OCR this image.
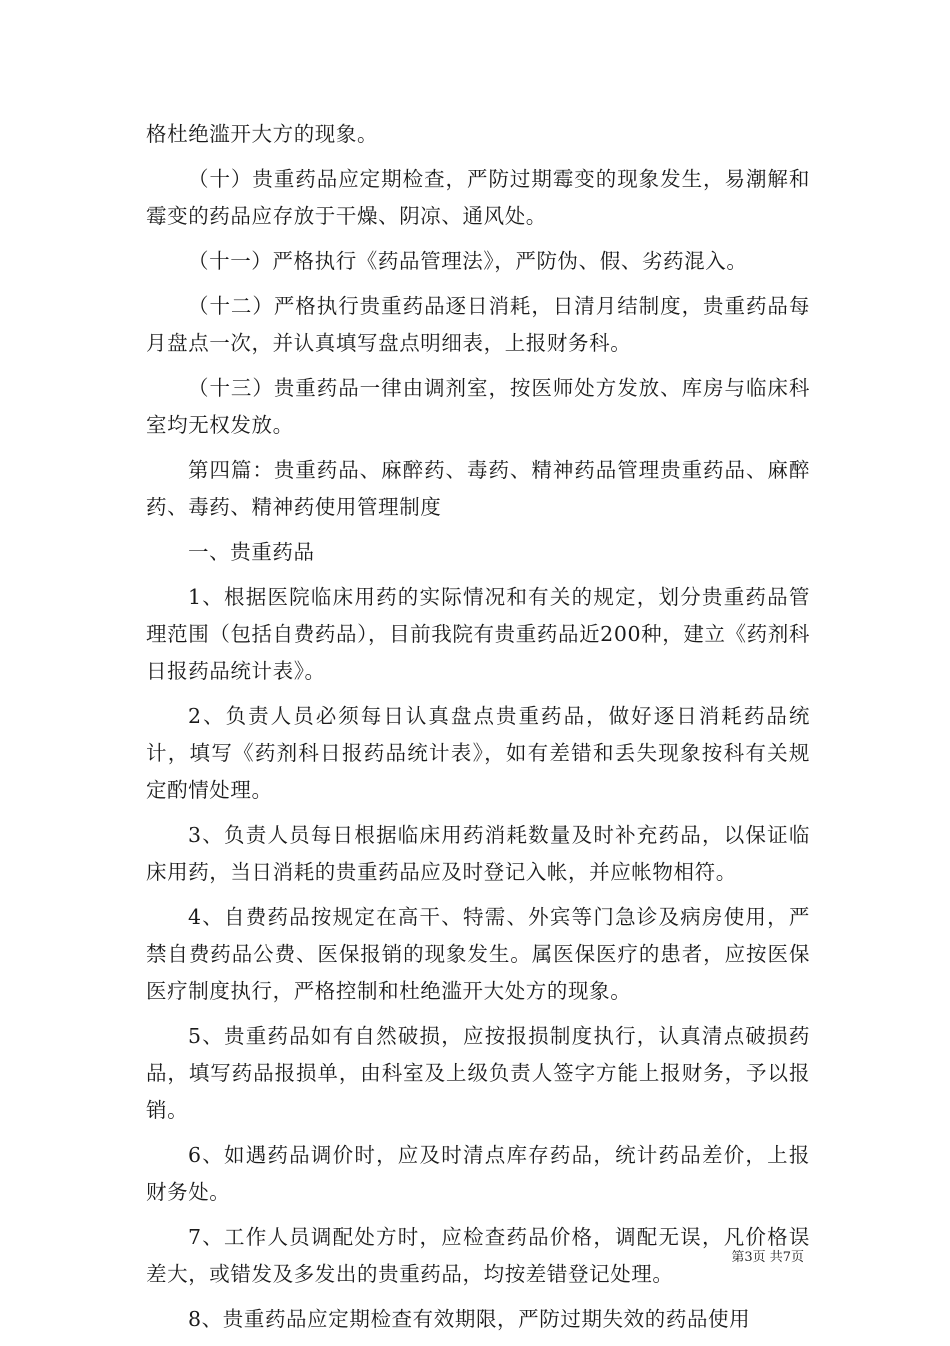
格杜绝滥开大方的现象。

（十）贵重药品应定期检查，严防过期霉变的现象发生，易潮解和霉变的药品应存放于干燥、阴凉、通风处。

（十一）严格执行《药品管理法》，严防伪、假、劣药混入。

（十二）严格执行贵重药品逐日消耗，日清月结制度，贵重药品每月盘点一次，并认真填写盘点明细表，上报财务科。

（十三）贵重药品一律由调剂室，按医师处方发放、库房与临床科室均无权发放。

第四篇：贵重药品、麻醉药、毒药、精神药品管理贵重药品、麻醉药、毒药、精神药使用管理制度

一、贵重药品

1、根据医院临床用药的实际情况和有关的规定，划分贵重药品管理范围（包括自费药品），目前我院有贵重药品近200种，建立《药剂科日报药品统计表》。

2、负责人员必须每日认真盘点贵重药品，做好逐日消耗药品统计，填写《药剂科日报药品统计表》，如有差错和丢失现象按科有关规定酌情处理。

3、负责人员每日根据临床用药消耗数量及时补充药品，以保证临床用药，当日消耗的贵重药品应及时登记入帐，并应帐物相符。

4、自费药品按规定在高干、特需、外宾等门急诊及病房使用，严禁自费药品公费、医保报销的现象发生。属医保医疗的患者，应按医保医疗制度执行，严格控制和杜绝滥开大处方的现象。

5、贵重药品如有自然破损，应按报损制度执行，认真清点破损药品，填写药品报损单，由科室及上级负责人签字方能上报财务，予以报销。

6、如遇药品调价时，应及时清点库存药品，统计药品差价，上报财务处。

7、工作人员调配处方时，应检查药品价格，调配无误，凡价格误差大，或错发及多发出的贵重药品，均按差错登记处理。

8、贵重药品应定期检查有效期限，严防过期失效的药品使用

第3页 共7页
